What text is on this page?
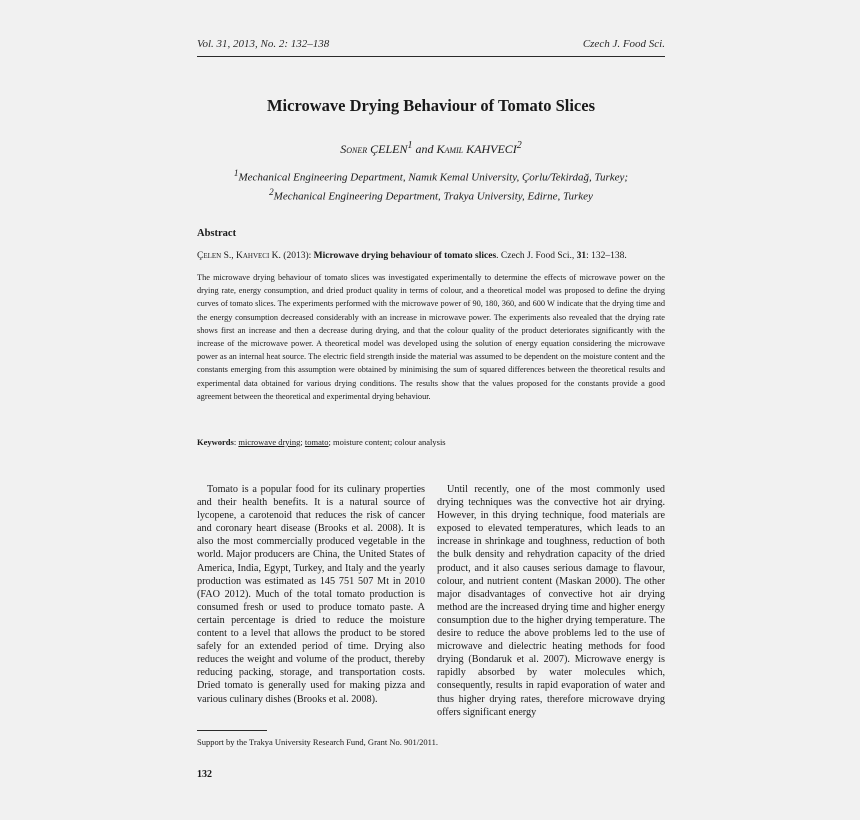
Vol. 31, 2013, No. 2: 132–138	Czech J. Food Sci.
Microwave Drying Behaviour of Tomato Slices
Soner ÇELEN$^1$ and Kamil KAHVECI$^2$
$^1$Mechanical Engineering Department, Namık Kemal University, Çorlu/Tekirdağ, Turkey;
$^2$Mechanical Engineering Department, Trakya University, Edirne, Turkey
Abstract
Çelen S., Kahveci K. (2013): Microwave drying behaviour of tomato slices. Czech J. Food Sci., 31: 132–138.
The microwave drying behaviour of tomato slices was investigated experimentally to determine the effects of microwave power on the drying rate, energy consumption, and dried product quality in terms of colour, and a theoretical model was proposed to define the drying curves of tomato slices. The experiments performed with the microwave power of 90, 180, 360, and 600 W indicate that the drying time and the energy consumption decreased considerably with an increase in microwave power. The experiments also revealed that the drying rate shows first an increase and then a decrease during drying, and that the colour quality of the product deteriorates significantly with the increase of the microwave power. A theoretical model was developed using the solution of energy equation considering the microwave power as an internal heat source. The electric field strength inside the material was assumed to be dependent on the moisture content and the constants emerging from this assumption were obtained by minimising the sum of squared differences between the theoretical results and experimental data obtained for various drying conditions. The results show that the values proposed for the constants provide a good agreement between the theoretical and experimental drying behaviour.
Keywords: microwave drying; tomato; moisture content; colour analysis

Tomato is a popular food for its culinary properties and their health benefits. It is a natural source of lycopene, a carotenoid that reduces the risk of cancer and coronary heart disease (Brooks et al. 2008). It is also the most commercially produced vegetable in the world. Major producers are China, the United States of America, India, Egypt, Turkey, and Italy and the yearly production was estimated as 145 751 507 Mt in 2010 (FAO 2012). Much of the total tomato production is consumed fresh or used to produce tomato paste. A certain percentage is dried to reduce the moisture content to a level that allows the product to be stored safely for an extended period of time. Drying also reduces the weight and volume of the product, thereby reducing packing, storage, and transportation costs. Dried tomato is generally used for making pizza and various culinary dishes (Brooks et al. 2008).

Until recently, one of the most commonly used drying techniques was the convective hot air drying. However, in this drying technique, food materials are exposed to elevated temperatures, which leads to an increase in shrinkage and toughness, reduction of both the bulk density and rehydration capacity of the dried product, and it also causes serious damage to flavour, colour, and nutrient content (Maskan 2000). The other major disadvantages of convective hot air drying method are the increased drying time and higher energy consumption due to the higher drying temperature. The desire to reduce the above problems led to the use of microwave and dielectric heating methods for food drying (Bondaruk et al. 2007). Microwave energy is rapidly absorbed by water molecules which, consequently, results in rapid evaporation of water and thus higher drying rates, therefore microwave drying offers significant energy

Support by the Trakya University Research Fund, Grant No. 901/2011.
132
